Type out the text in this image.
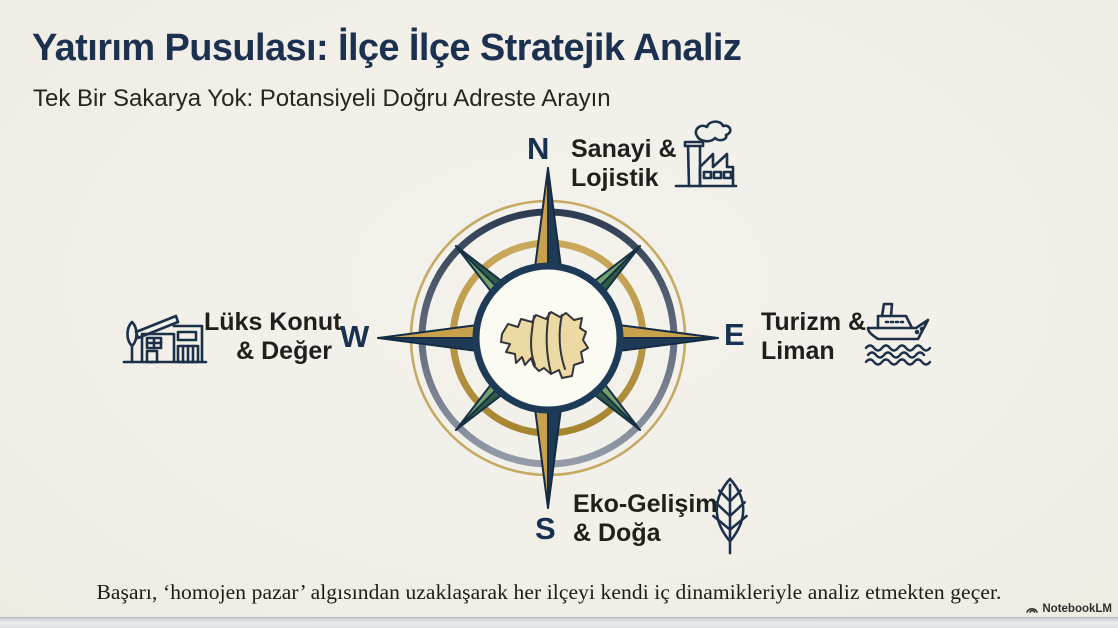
Yatırım Pusulası: İlçe İlçe Stratejik Analiz
Tek Bir Sakarya Yok: Potansiyeli Doğru Adreste Arayın
N Sanayi &
Lojistik
E Turizm &
Liman
S
Eko-Gelişim
& Doğa
Lüks Konut
& Değer W
Başarı, ‘homojen pazar’ algısından uzaklaşarak her ilçeyi kendi iç dinamikleriyle analiz etmekten geçer.
NotebookLM
